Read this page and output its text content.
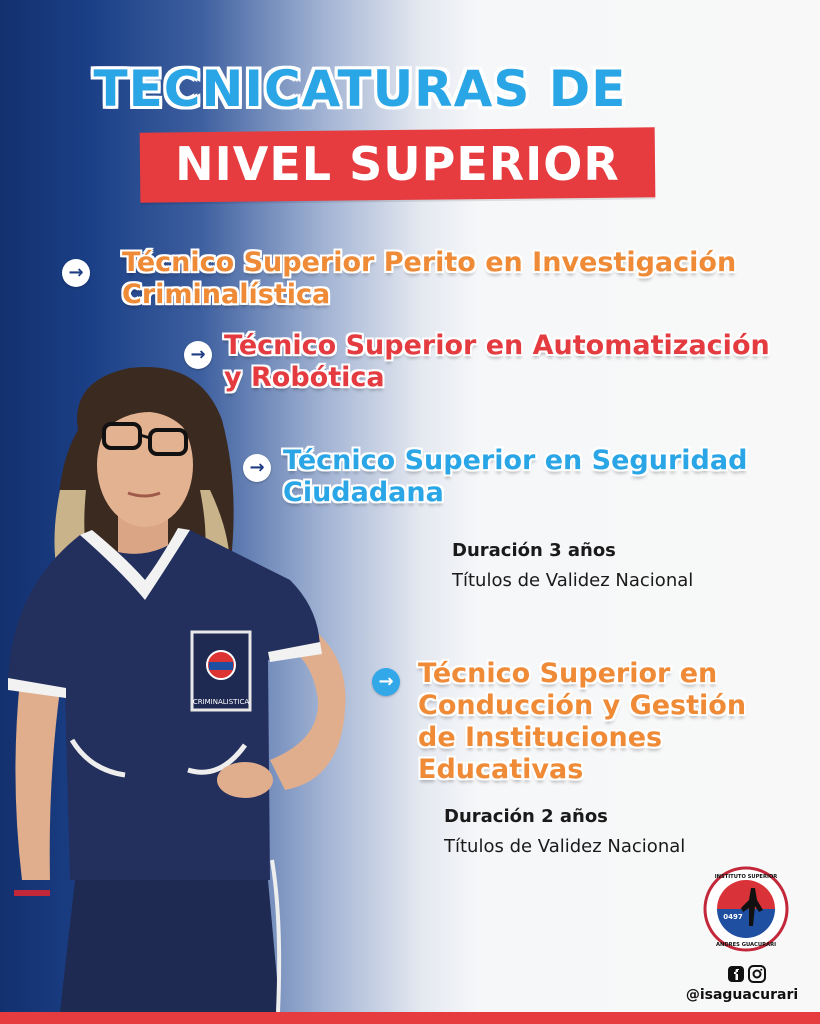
TECNICATURAS DE
NIVEL SUPERIOR
→ Técnico Superior Perito en Investigación
Criminalística
→ Técnico Superior en Automatización
y Robótica
→ Técnico Superior en Seguridad
Ciudadana
Duración 3 años
Títulos de Validez Nacional
→ Técnico Superior en
Conducción y Gestión
de Instituciones
Educativas
Duración 2 años
Títulos de Validez Nacional
CRIMINALISTICA
0497
INSTITUTO SUPERIOR
ANDRES GUACURARI
@isaguacurari
